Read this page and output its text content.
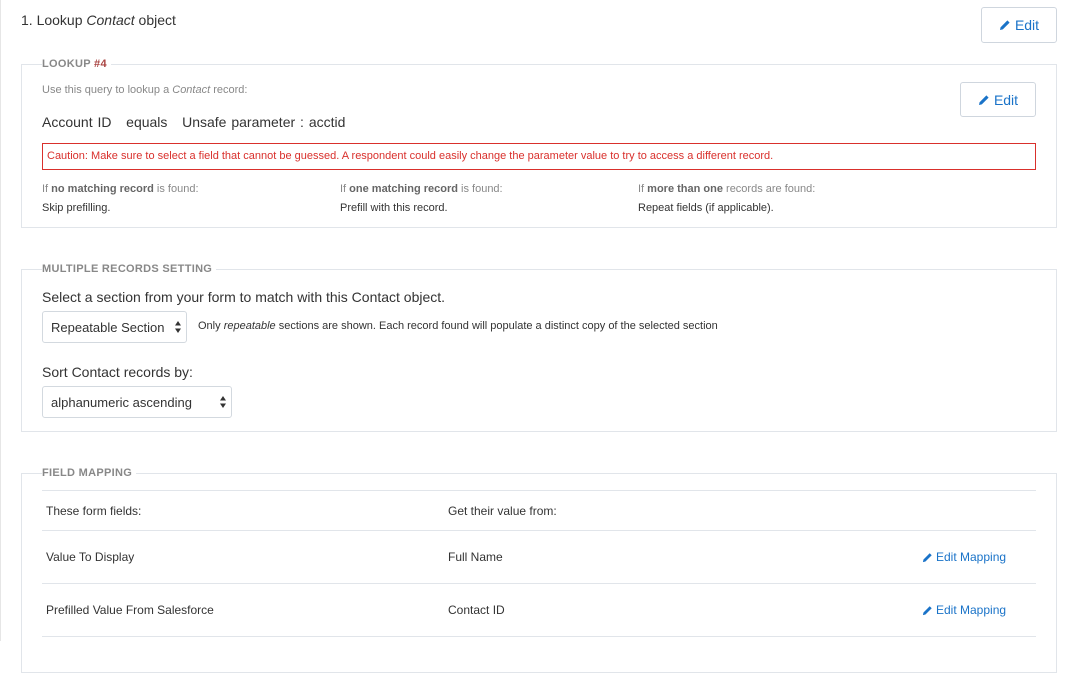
1. Lookup Contact object	Edit
LOOKUP #4
Use this query to lookup a Contact record:
Edit
Account ID equals Unsafe parameter : acctid
Caution: Make sure to select a field that cannot be guessed. A respondent could easily change the parameter value to try to access a different record.
If no matching record is found:
Skip prefilling.
If one matching record is found:
Prefill with this record.
If more than one records are found:
Repeat fields (if applicable).
MULTIPLE RECORDS SETTING
Select a section from your form to match with this Contact object.
Repeatable Section	Only repeatable sections are shown. Each record found will populate a distinct copy of the selected section
Sort Contact records by:
alphanumeric ascending
FIELD MAPPING
These form fields:	Get their value from:
Value To Display	Full Name	Edit Mapping
Prefilled Value From Salesforce	Contact ID	Edit Mapping
